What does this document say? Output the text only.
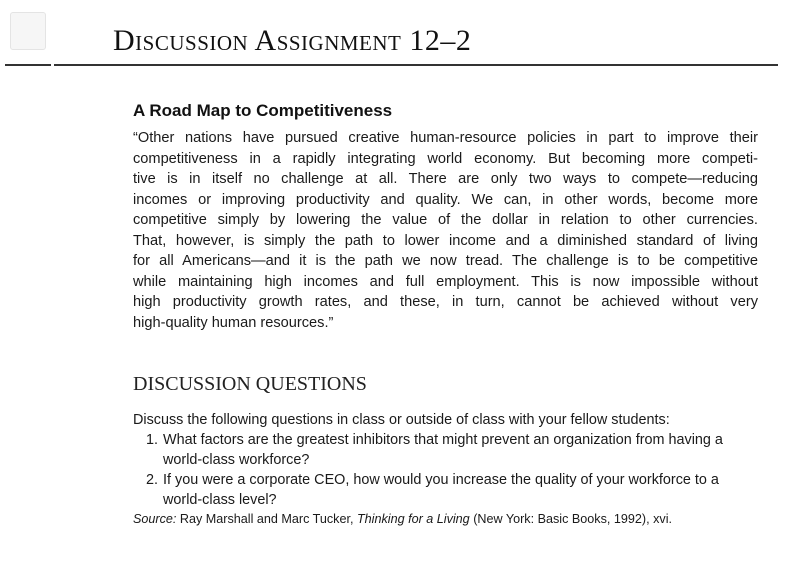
Discussion Assignment 12–2
A Road Map to Competitiveness
“Other nations have pursued creative human-resource policies in part to improve their
competitiveness in a rapidly integrating world economy. But becoming more competi-
tive is in itself no challenge at all. There are only two ways to compete—reducing
incomes or improving productivity and quality. We can, in other words, become more
competitive simply by lowering the value of the dollar in relation to other currencies.
That, however, is simply the path to lower income and a diminished standard of living
for all Americans—and it is the path we now tread. The challenge is to be competitive
while maintaining high incomes and full employment. This is now impossible without
high productivity growth rates, and these, in turn, cannot be achieved without very
high-quality human resources.”
DISCUSSION QUESTIONS
Discuss the following questions in class or outside of class with your fellow students:
1. What factors are the greatest inhibitors that might prevent an organization from having a
world-class workforce?
2. If you were a corporate CEO, how would you increase the quality of your workforce to a
world-class level?
Source: Ray Marshall and Marc Tucker, Thinking for a Living (New York: Basic Books, 1992), xvi.
